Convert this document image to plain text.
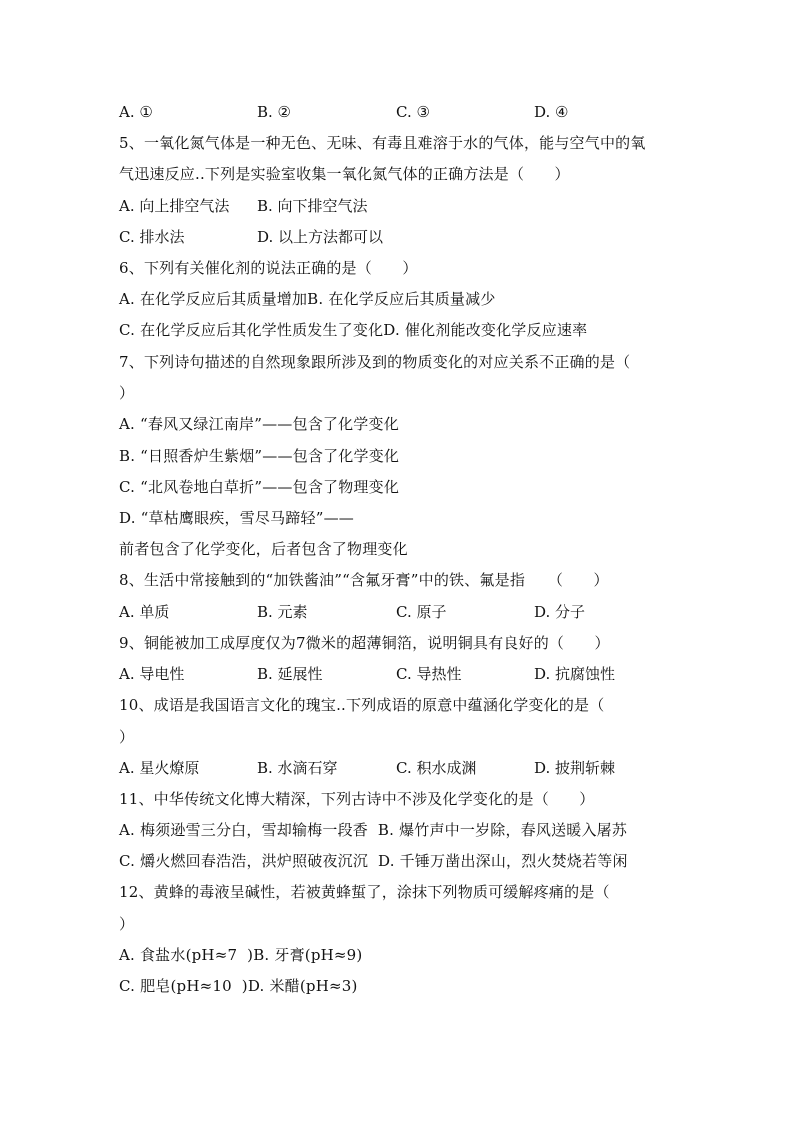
A. ①	B. ②	C. ③	D. ④
5、一氧化氮气体是一种无色、无味、有毒且难溶于水的气体，能与空气中的氧
气迅速反应..下列是实验室收集一氧化氮气体的正确方法是（　　）
A. 向上排空气法 B. 向下排空气法
C. 排水法	D. 以上方法都可以
6、下列有关催化剂的说法正确的是（　　）
A. 在化学反应后其质量增加B. 在化学反应后其质量减少
C. 在化学反应后其化学性质发生了变化D. 催化剂能改变化学反应速率
7、下列诗句描述的自然现象跟所涉及到的物质变化的对应关系不正确的是（
）
A. “春风又绿江南岸”——包含了化学变化
B. “日照香炉生紫烟”——包含了化学变化
C. “北风卷地白草折”——包含了物理变化
D. “草枯鹰眼疾，雪尽马蹄轻”——
前者包含了化学变化，后者包含了物理变化
8、生活中常接触到的“加铁酱油”“含氟牙膏”中的铁、氟是指　　（　　）
A. 单质	B. 元素	C. 原子	D. 分子
9、铜能被加工成厚度仅为7微米的超薄铜箔，说明铜具有良好的（　　）
A. 导电性	B. 延展性	C. 导热性	D. 抗腐蚀性
10、成语是我国语言文化的瑰宝..下列成语的原意中蕴涵化学变化的是（
）
A. 星火燎原	B. 水滴石穿	C. 积水成渊	D. 披荆斩棘
11、中华传统文化博大精深，下列古诗中不涉及化学变化的是（　　）
A. 梅须逊雪三分白，雪却输梅一段香  B. 爆竹声中一岁除，春风送暖入屠苏
C. 爝火燃回春浩浩，洪炉照破夜沉沉  D. 千锤万凿出深山，烈火焚烧若等闲
12、黄蜂的毒液呈碱性，若被黄蜂蜇了，涂抹下列物质可缓解疼痛的是（
）
A. 食盐水(pH≈7  )B. 牙膏(pH≈9)
C. 肥皂(pH≈10  )D. 米醋(pH≈3)
